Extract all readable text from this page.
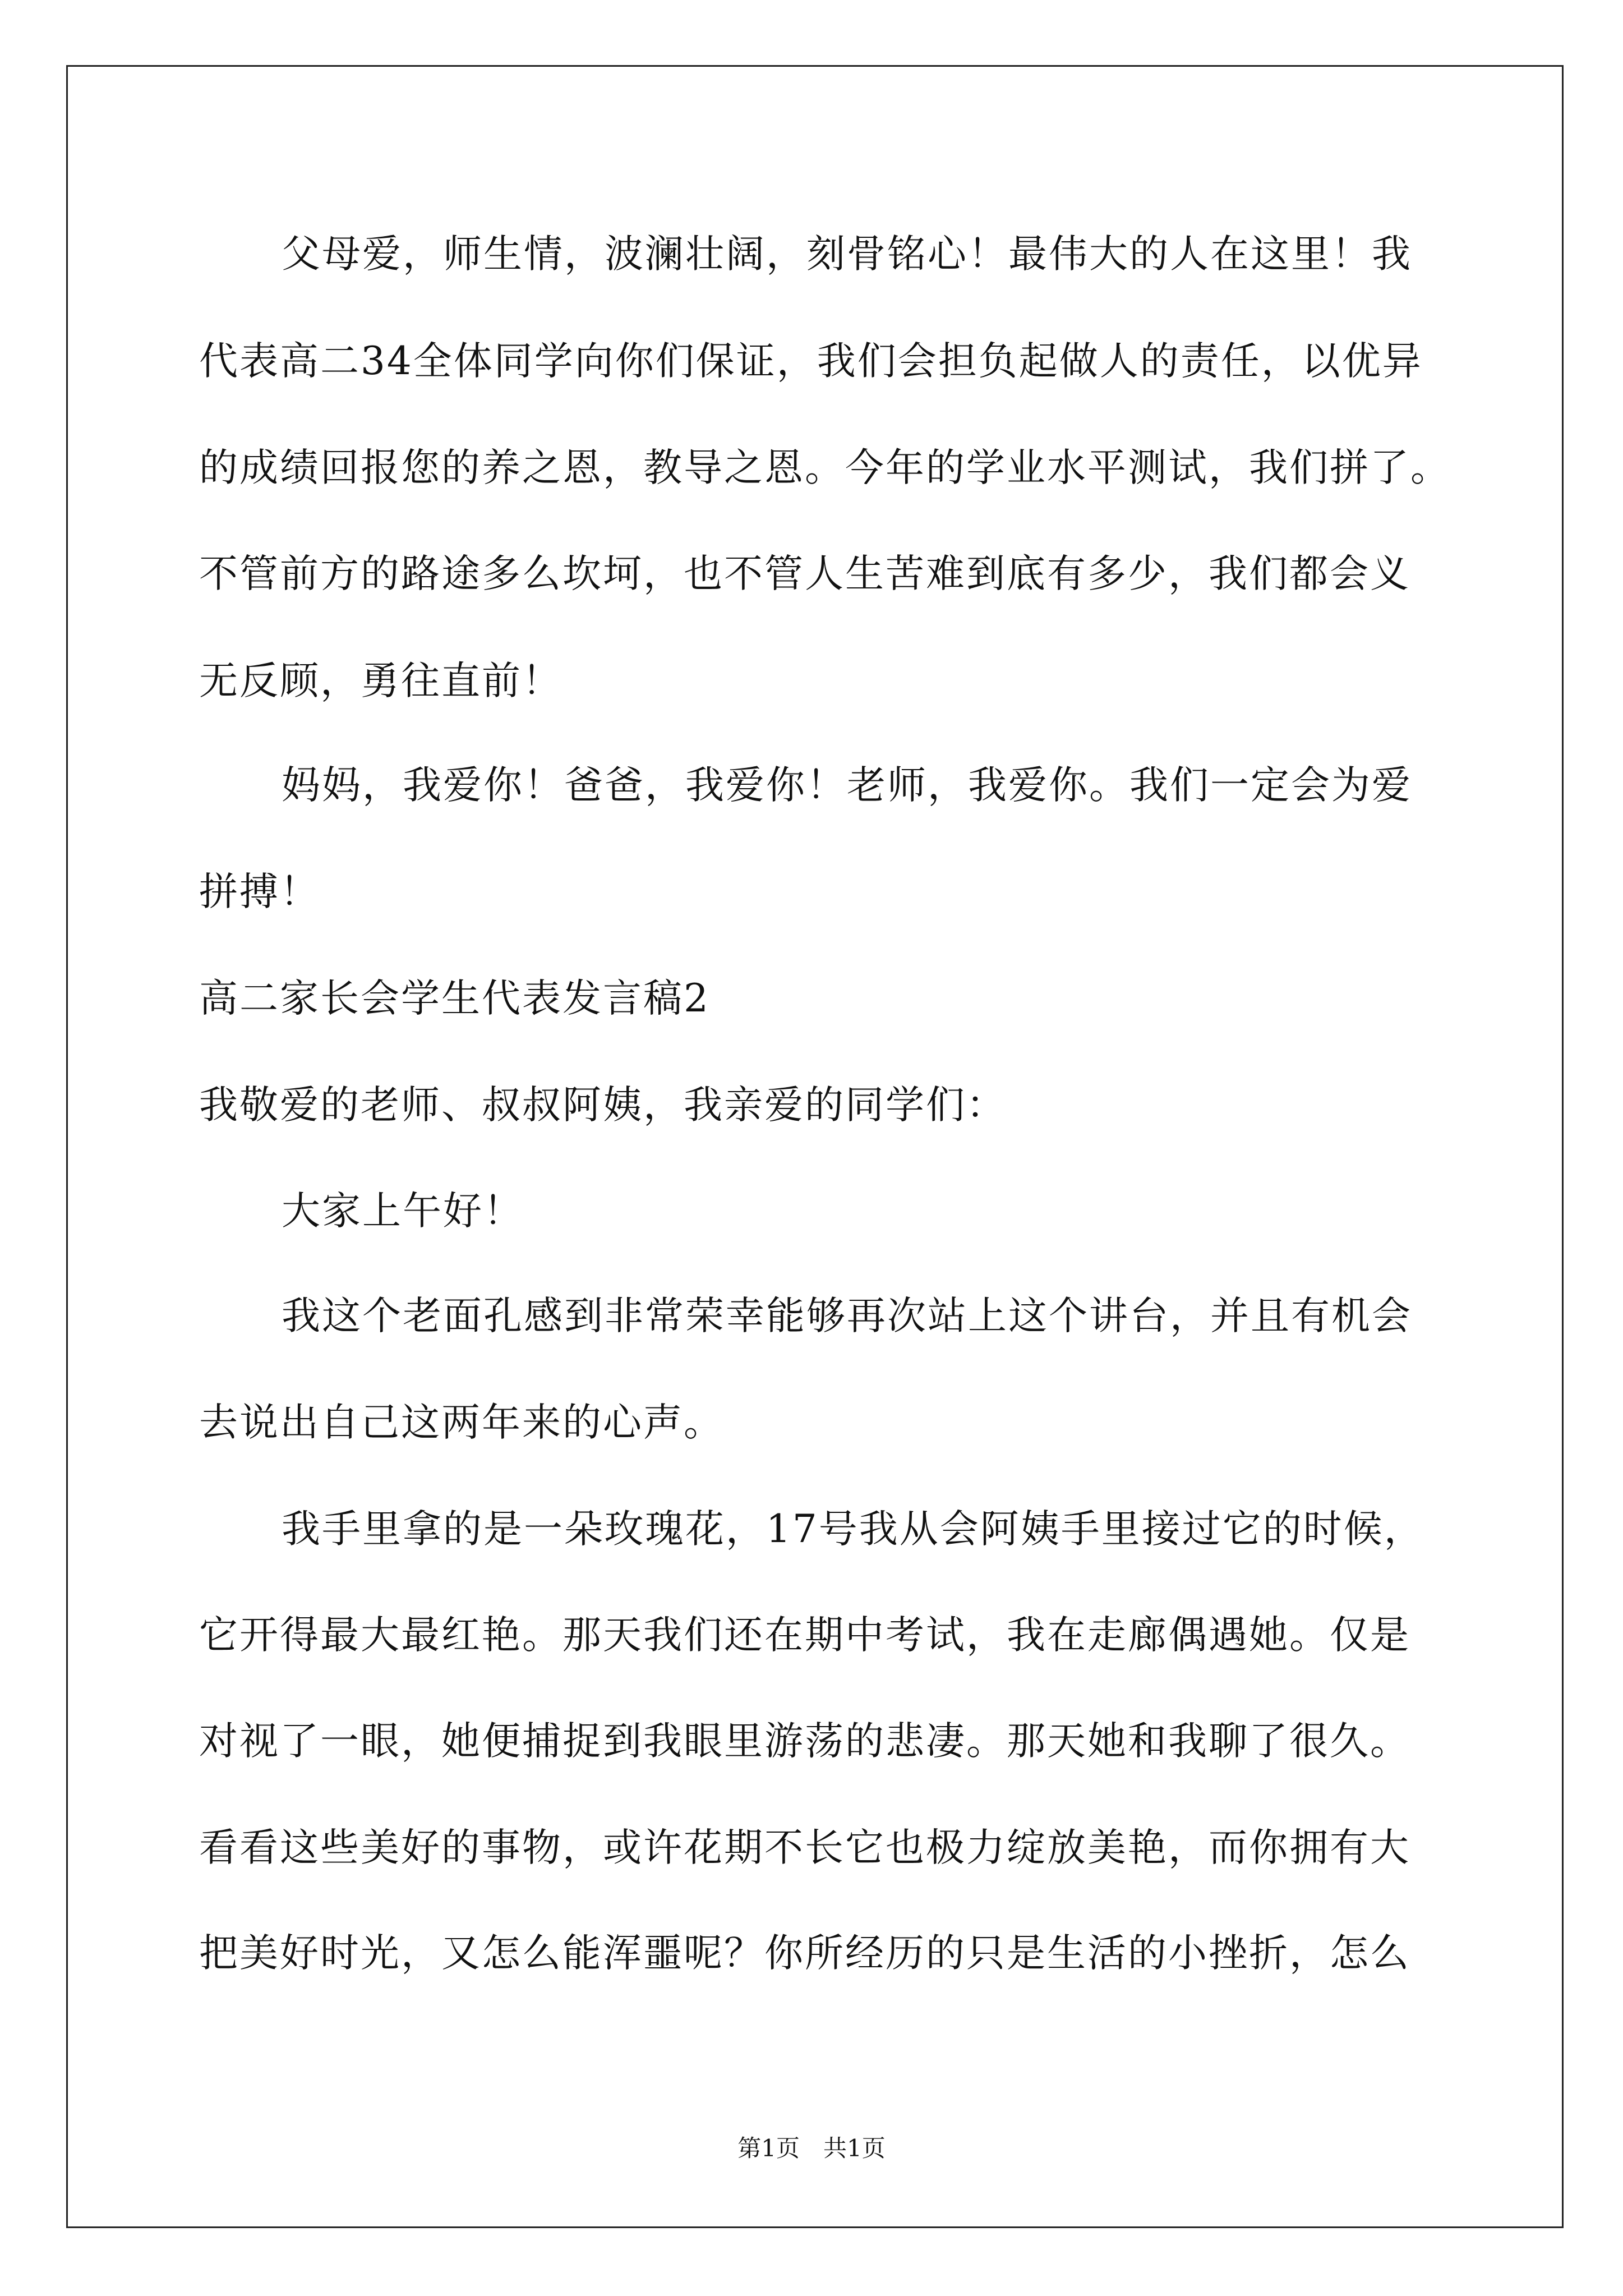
父母爱，师生情，波澜壮阔，刻骨铭心！最伟大的人在这里！我
代表高二34全体同学向你们保证，我们会担负起做人的责任，以优异
的成绩回报您的养之恩，教导之恩。今年的学业水平测试，我们拼了。
不管前方的路途多么坎坷，也不管人生苦难到底有多少，我们都会义
无反顾，勇往直前！
妈妈，我爱你！爸爸，我爱你！老师，我爱你。我们一定会为爱
拼搏！
高二家长会学生代表发言稿2
我敬爱的老师、叔叔阿姨，我亲爱的同学们：
大家上午好！
我这个老面孔感到非常荣幸能够再次站上这个讲台，并且有机会
去说出自己这两年来的心声。
我手里拿的是一朵玫瑰花，17号我从会阿姨手里接过它的时候，
它开得最大最红艳。那天我们还在期中考试，我在走廊偶遇她。仅是
对视了一眼，她便捕捉到我眼里游荡的悲凄。那天她和我聊了很久。
看看这些美好的事物，或许花期不长它也极力绽放美艳，而你拥有大
把美好时光，又怎么能浑噩呢？你所经历的只是生活的小挫折，怎么
第1页　共1页
